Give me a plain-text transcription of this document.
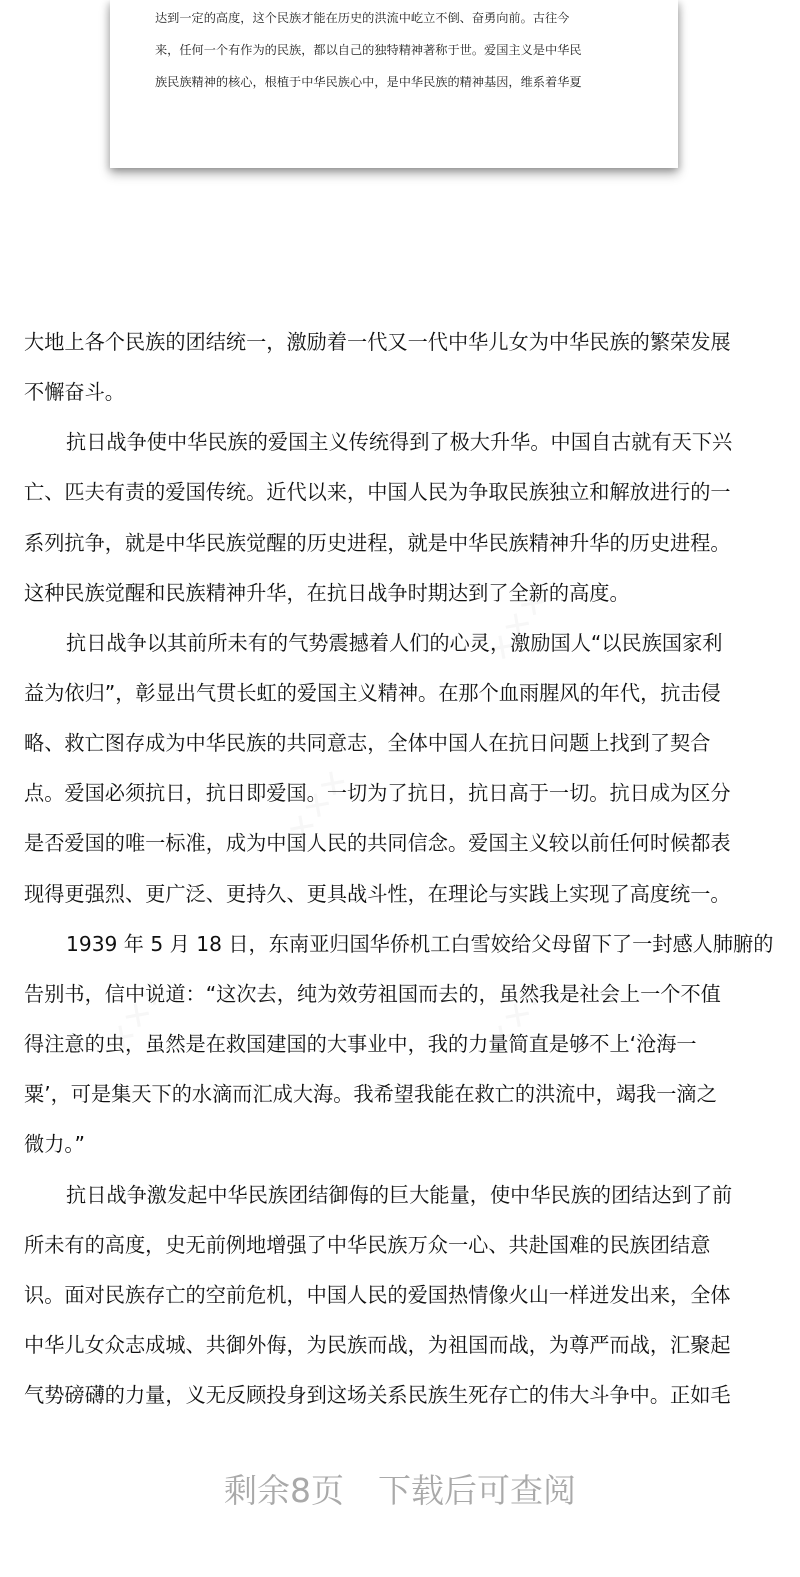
达到一定的高度，这个民族才能在历史的洪流中屹立不倒、奋勇向前。古往今
来，任何一个有作为的民族，都以自己的独特精神著称于世。爱国主义是中华民
族民族精神的核心，根植于中华民族心中，是中华民族的精神基因，维系着华夏
✕✕✕
✕✕✕
✕✕✕	✕✕✕
大地上各个民族的团结统一，激励着一代又一代中华儿女为中华民族的繁荣发展
不懈奋斗。
抗日战争使中华民族的爱国主义传统得到了极大升华。中国自古就有天下兴
亡、匹夫有责的爱国传统。近代以来，中国人民为争取民族独立和解放进行的一
系列抗争，就是中华民族觉醒的历史进程，就是中华民族精神升华的历史进程。
这种民族觉醒和民族精神升华，在抗日战争时期达到了全新的高度。
抗日战争以其前所未有的气势震撼着人们的心灵，激励国人“以民族国家利
益为依归”，彰显出气贯长虹的爱国主义精神。在那个血雨腥风的年代，抗击侵
略、救亡图存成为中华民族的共同意志，全体中国人在抗日问题上找到了契合
点。爱国必须抗日，抗日即爱国。一切为了抗日，抗日高于一切。抗日成为区分
是否爱国的唯一标准，成为中国人民的共同信念。爱国主义较以前任何时候都表
现得更强烈、更广泛、更持久、更具战斗性，在理论与实践上实现了高度统一。
1939 年 5 月 18 日，东南亚归国华侨机工白雪姣给父母留下了一封感人肺腑的
告别书，信中说道：“这次去，纯为效劳祖国而去的，虽然我是社会上一个不值
得注意的虫，虽然是在救国建国的大事业中，我的力量简直是够不上‘沧海一
粟’，可是集天下的水滴而汇成大海。我希望我能在救亡的洪流中，竭我一滴之
微力。”
抗日战争激发起中华民族团结御侮的巨大能量，使中华民族的团结达到了前
所未有的高度，史无前例地增强了中华民族万众一心、共赴国难的民族团结意
识。面对民族存亡的空前危机，中国人民的爱国热情像火山一样迸发出来，全体
中华儿女众志成城、共御外侮，为民族而战，为祖国而战，为尊严而战，汇聚起
气势磅礴的力量，义无反顾投身到这场关系民族生死存亡的伟大斗争中。正如毛
剩余8页 下载后可查阅
